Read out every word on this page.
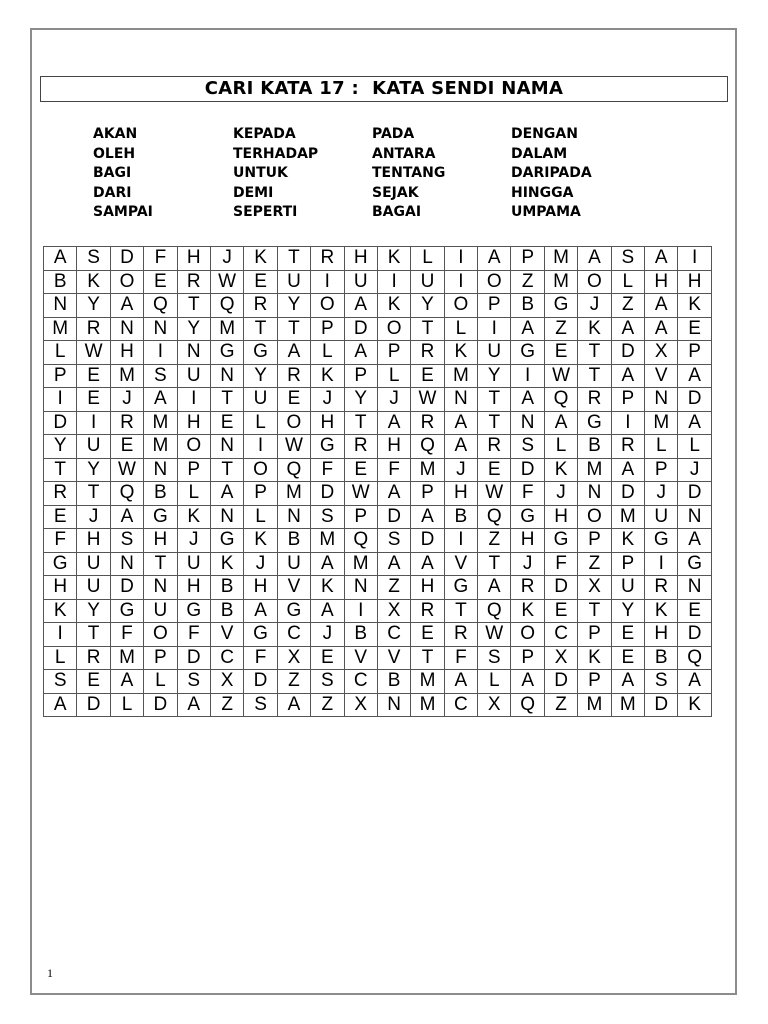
CARI KATA 17 :  KATA SENDI NAMA
AKAN
OLEH
BAGI
DARI
SAMPAI
KEPADA
TERHADAP
UNTUK
DEMI
SEPERTI
PADA
ANTARA
TENTANG
SEJAK
BAGAI
DENGAN
DALAM
DARIPADA
HINGGA
UMPAMA
A	S	D	F	H	J	K	T	R	H	K	L	I	A	P	M	A	S	A	I
B	K	O	E	R	W	E	U	I	U	I	U	I	O	Z	M	O	L	H	H
N	Y	A	Q	T	Q	R	Y	O	A	K	Y	O	P	B	G	J	Z	A	K
M	R	N	N	Y	M	T	T	P	D	O	T	L	I	A	Z	K	A	A	E
L	W	H	I	N	G	G	A	L	A	P	R	K	U	G	E	T	D	X	P
P	E	M	S	U	N	Y	R	K	P	L	E	M	Y	I	W	T	A	V	A
I	E	J	A	I	T	U	E	J	Y	J	W	N	T	A	Q	R	P	N	D
D	I	R	M	H	E	L	O	H	T	A	R	A	T	N	A	G	I	M	A
Y	U	E	M	O	N	I	W	G	R	H	Q	A	R	S	L	B	R	L	L
T	Y	W	N	P	T	O	Q	F	E	F	M	J	E	D	K	M	A	P	J
R	T	Q	B	L	A	P	M	D	W	A	P	H	W	F	J	N	D	J	D
E	J	A	G	K	N	L	N	S	P	D	A	B	Q	G	H	O	M	U	N
F	H	S	H	J	G	K	B	M	Q	S	D	I	Z	H	G	P	K	G	A
G	U	N	T	U	K	J	U	A	M	A	A	V	T	J	F	Z	P	I	G
H	U	D	N	H	B	H	V	K	N	Z	H	G	A	R	D	X	U	R	N
K	Y	G	U	G	B	A	G	A	I	X	R	T	Q	K	E	T	Y	K	E
I	T	F	O	F	V	G	C	J	B	C	E	R	W	O	C	P	E	H	D
L	R	M	P	D	C	F	X	E	V	V	T	F	S	P	X	K	E	B	Q
S	E	A	L	S	X	D	Z	S	C	B	M	A	L	A	D	P	A	S	A
A	D	L	D	A	Z	S	A	Z	X	N	M	C	X	Q	Z	M	M	D	K
1
